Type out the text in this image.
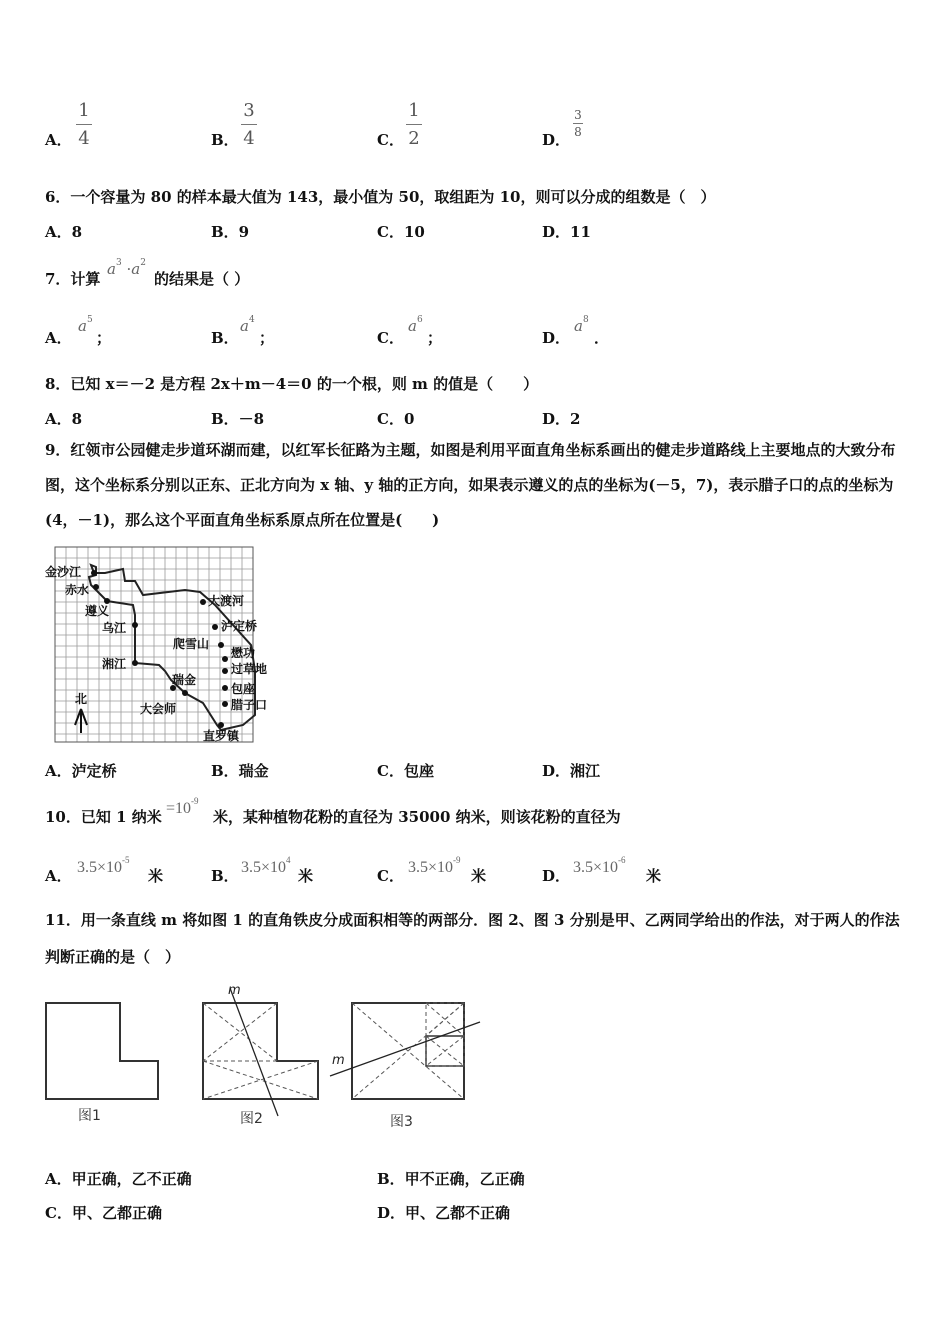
A．
1
4	B．
3
4	C．
1
2	D．
3
8
6．一个容量为 80 的样本最大值为 143，最小值为 50，取组距为 10，则可以分成的组数是（　）
A．8	B．9	C．10	D．11
7．计算
$a^3 \cdot a^2$
的结果是（ ）
A．
$a^5$
；	B．
$a^4$
；	C．
$a^6$
；	D．
$a^8$
．
8．已知 x＝－2 是方程 2x＋m－4＝0 的一个根，则 m 的值是（　　）
A．8	B．－8	C．0	D．2
9．红领市公园健走步道环湖而建，以红军长征路为主题，如图是利用平面直角坐标系画出的健走步道路线上主要地点的大致分布图，这个坐标系分别以正东、正北方向为 x 轴、y 轴的正方向，如果表示遵义的点的坐标为(－5，7)，表示腊子口的点的坐标为(4，－1)，那么这个平面直角坐标系原点所在位置是(　　)
金沙江
赤水
遵义
乌江
湘江
瑞金
大会师
大渡河
泸定桥
爬雪山
懋功
过草地
包座
腊子口
直罗镇
北
A．泸定桥	B．瑞金	C．包座	D．湘江
10．已知 1 纳米 $=10^{-9}$
米，某种植物花粉的直径为 35000 纳米，则该花粉的直径为
A． $3.5\times 10^{-5}$
米	B． $3.5\times 10^4$
米	C． $3.5\times 10^{-9}$
米	D． $3.5\times 10^{-6}$
米
11．用一条直线 m 将如图 1 的直角铁皮分成面积相等的两部分．图 2、图 3 分别是甲、乙两同学给出的作法，对于两人的作法判断正确的是（　）
图1
m
图2
m
图3
A．甲正确，乙不正确	B．甲不正确，乙正确
C．甲、乙都正确	D．甲、乙都不正确
